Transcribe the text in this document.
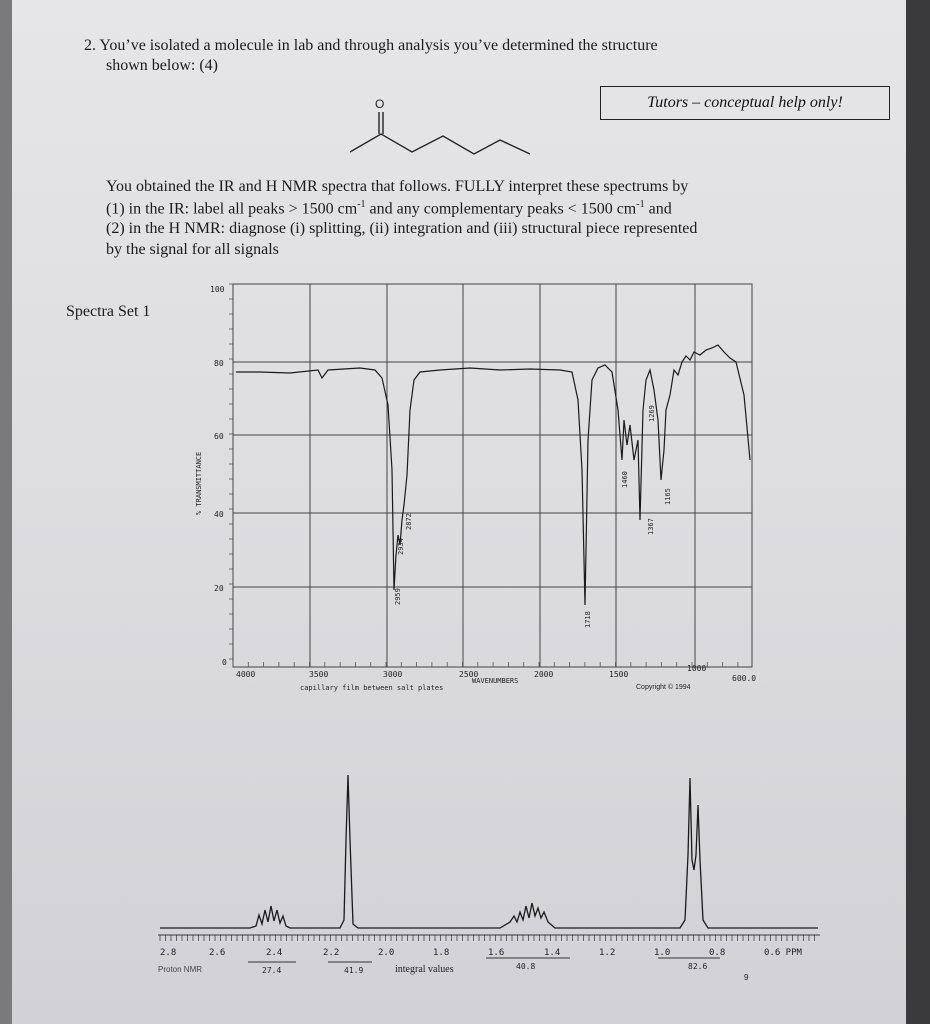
2. You’ve isolated a molecule in lab and through analysis you’ve determined the structure
shown below: (4)
Tutors – conceptual help only!
O
You obtained the IR and H NMR spectra that follows. FULLY interpret these spectrums by
(1) in the IR: label all peaks > 1500 $cm^{-1}$ and any complementary peaks < 1500 $cm^{-1}$ and
(2) in the H NMR: diagnose (i) splitting, (ii) integration and (iii) structural piece represented
by the signal for all signals
Spectra Set 1
100
80
60
40
20
0
% TRANSMITTANCE
4000	3500	3000	2500	2000	1500
1000
600.0
WAVENUMBERS
capillary film between salt plates	Copyright © 1994
2959
2934
2872
1718
1460
1367
1269
1165
2.8	2.6	2.4	2.2	2.0	1.8	1.6	1.4	1.2	1.0	0.8	0.6 PPM
Proton NMR	integral values
27.4	41.9	40.8	82.6
9
